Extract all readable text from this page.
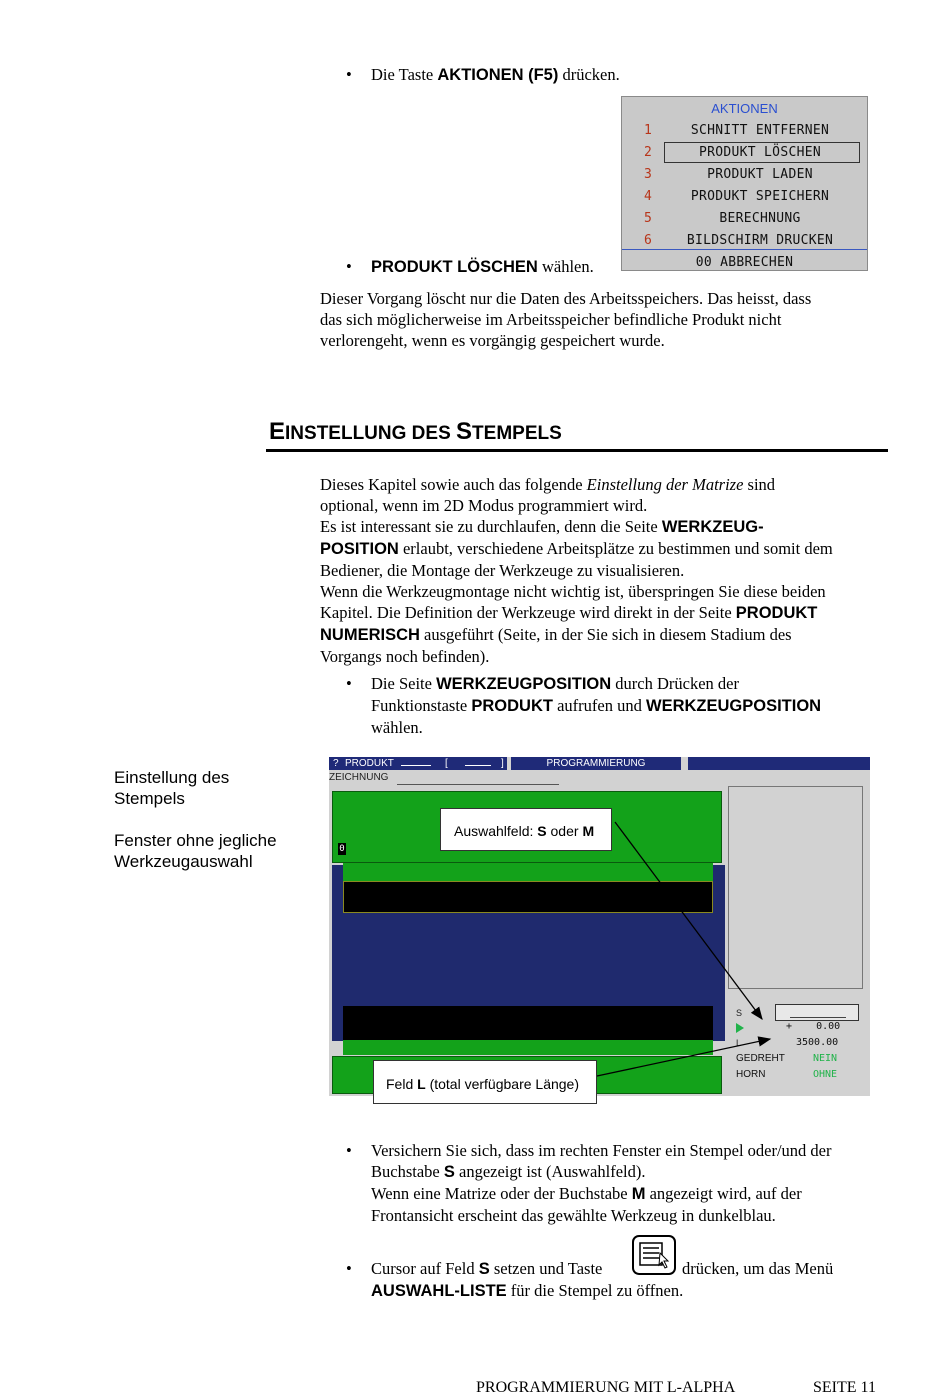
• Die Taste AKTIONEN (F5) drücken.
AKTIONEN
1	SCHNITT ENTFERNEN
2	PRODUKT LÖSCHEN
3	PRODUKT LADEN
4	PRODUKT SPEICHERN
5	BERECHNUNG
6	BILDSCHIRM DRUCKEN
00 ABBRECHEN
• PRODUKT LÖSCHEN wählen.
Dieser Vorgang löscht nur die Daten des Arbeitsspeichers. Das heisst, dass
das sich möglicherweise im Arbeitsspeicher befindliche Produkt nicht
verlorengeht, wenn es vorgängig gespeichert wurde.
EINSTELLUNG DES STEMPELS
Dieses Kapitel sowie auch das folgende Einstellung der Matrize sind
optional, wenn im 2D Modus programmiert wird.
Es ist interessant sie zu durchlaufen, denn die Seite WERKZEUG-
POSITION erlaubt, verschiedene Arbeitsplätze zu bestimmen und somit dem
Bediener, die Montage der Werkzeuge zu visualisieren.
Wenn die Werkzeugmontage nicht wichtig ist, überspringen Sie diese beiden
Kapitel. Die Definition der Werkzeuge wird direkt in der Seite PRODUKT
NUMERISCH ausgeführt (Seite, in der Sie sich in diesem Stadium des
Vorgangs noch befinden).
• Die Seite WERKZEUGPOSITION durch Drücken der
Funktionstaste PRODUKT aufrufen und WERKZEUGPOSITION
wählen.
Einstellung des
Stempels
Fenster ohne jegliche
Werkzeugauswahl
? PRODUKT	[	]	PROGRAMMIERUNG
ZEICHNUNG
0
S
+    0.00
L	3500.00
GEDREHT	NEIN
HORN	OHNE
Auswahlfeld: S oder M
Feld L (total verfügbare Länge)
• Versichern Sie sich, dass im rechten Fenster ein Stempel oder/und der
Buchstabe S angezeigt ist (Auswahlfeld).
Wenn eine Matrize oder der Buchstabe M angezeigt wird, auf der
Frontansicht erscheint das gewählte Werkzeug in dunkelblau.
• Cursor auf Feld S setzen und Taste	drücken, um das Menü
AUSWAHL-LISTE für die Stempel zu öffnen.
PROGRAMMIERUNG MIT L-ALPHA	SEITE 11
